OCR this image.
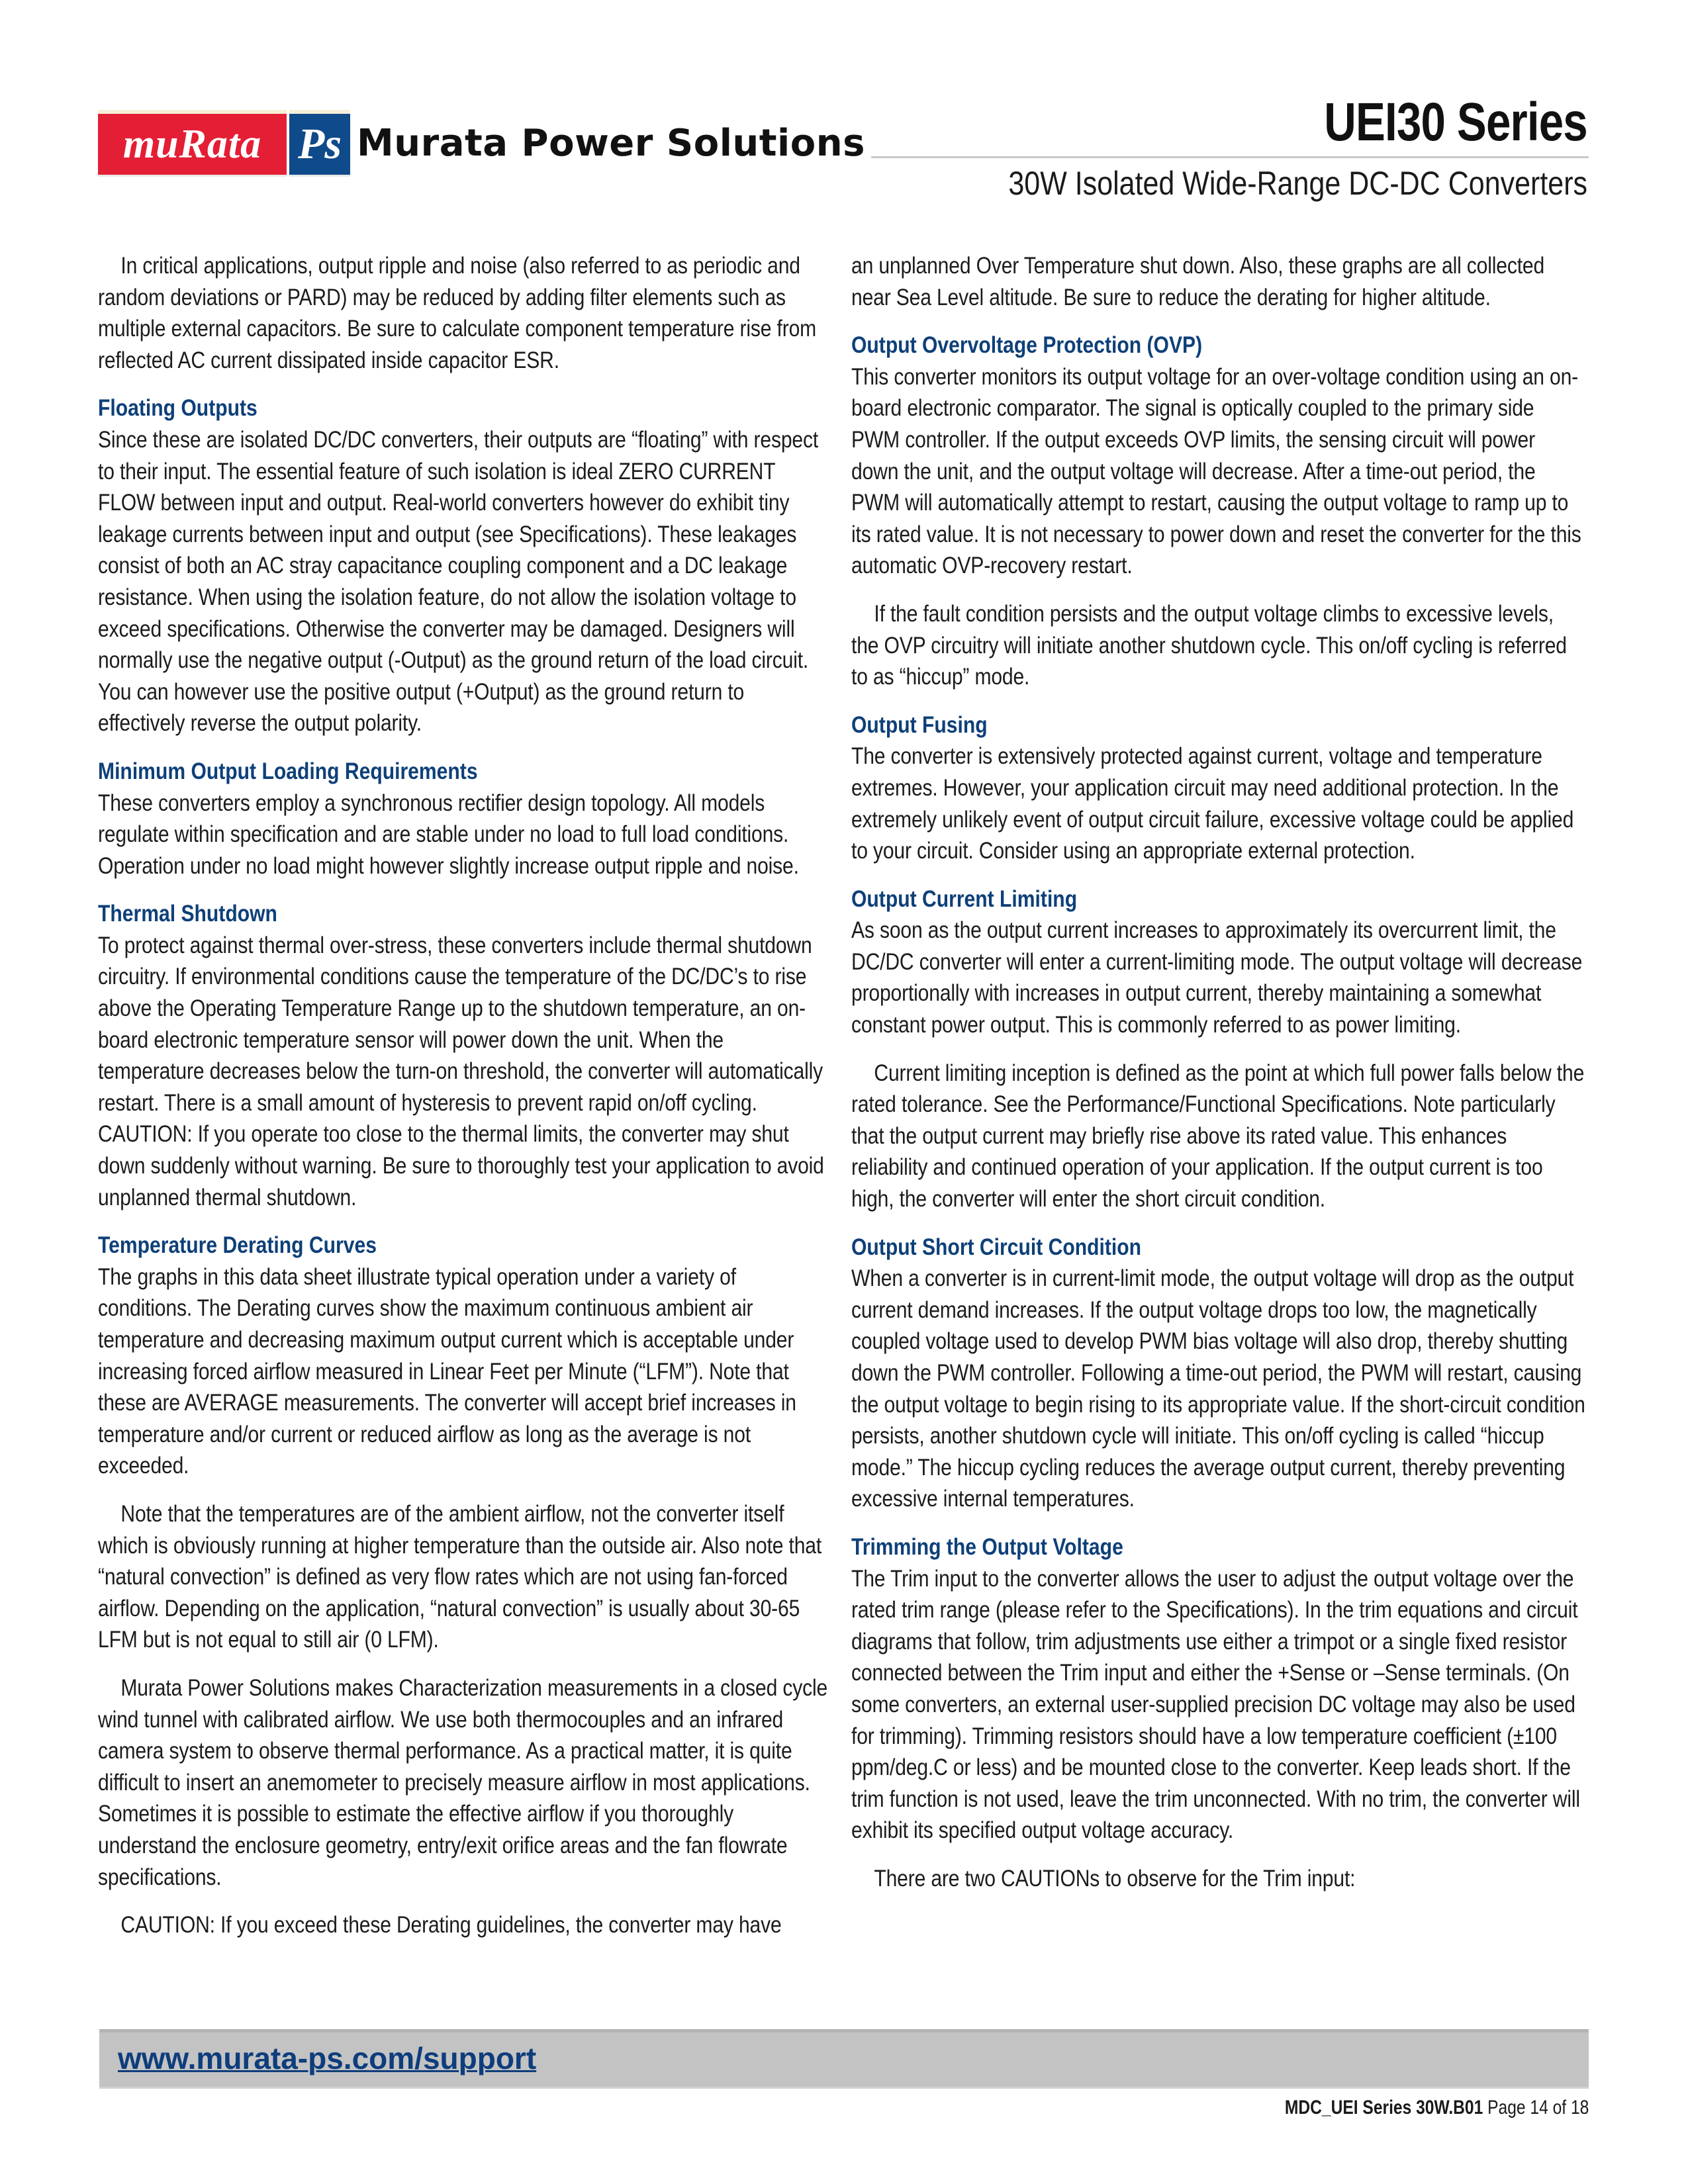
muRata Ps Murata Power Solutions	UEI30 Series
30W Isolated Wide-Range DC-DC Converters

In critical applications, output ripple and noise (also referred to as periodic and random deviations or PARD) may be reduced by adding filter elements such as multiple external capacitors. Be sure to calculate component temperature rise from reflected AC current dissipated inside capacitor ESR.

Floating Outputs

Since these are isolated DC/DC converters, their outputs are “floating” with respect to their input. The essential feature of such isolation is ideal ZERO CURRENT FLOW between input and output. Real-world converters however do exhibit tiny leakage currents between input and output (see Specifications). These leakages consist of both an AC stray capacitance coupling component and a DC leakage resistance. When using the isolation feature, do not allow the isolation voltage to exceed specifications. Otherwise the converter may be damaged. Designers will normally use the negative output (-Output) as the ground return of the load circuit. You can however use the positive output (+Output) as the ground return to effectively reverse the output polarity.

Minimum Output Loading Requirements

These converters employ a synchronous rectifier design topology. All models regulate within specification and are stable under no load to full load conditions. Operation under no load might however slightly increase output ripple and noise.

Thermal Shutdown

To protect against thermal over-stress, these converters include thermal shutdown circuitry. If environmental conditions cause the temperature of the DC/DC’s to rise above the Operating Temperature Range up to the shutdown temperature, an on-board electronic temperature sensor will power down the unit. When the temperature decreases below the turn-on threshold, the converter will automatically restart. There is a small amount of hysteresis to prevent rapid on/off cycling. CAUTION: If you operate too close to the thermal limits, the converter may shut down suddenly without warning. Be sure to thoroughly test your application to avoid unplanned thermal shutdown.

Temperature Derating Curves

The graphs in this data sheet illustrate typical operation under a variety of conditions. The Derating curves show the maximum continuous ambient air temperature and decreasing maximum output current which is acceptable under increasing forced airflow measured in Linear Feet per Minute (“LFM”). Note that these are AVERAGE measurements. The converter will accept brief increases in temperature and/or current or reduced airflow as long as the average is not exceeded.

Note that the temperatures are of the ambient airflow, not the converter itself which is obviously running at higher temperature than the outside air. Also note that “natural convection” is defined as very flow rates which are not using fan-forced airflow. Depending on the application, “natural convection” is usually about 30-65 LFM but is not equal to still air (0 LFM).

Murata Power Solutions makes Characterization measurements in a closed cycle wind tunnel with calibrated airflow. We use both thermocouples and an infrared camera system to observe thermal performance. As a practical matter, it is quite difficult to insert an anemometer to precisely measure airflow in most applications. Sometimes it is possible to estimate the effective airflow if you thoroughly understand the enclosure geometry, entry/exit orifice areas and the fan flowrate specifications.

CAUTION: If you exceed these Derating guidelines, the converter may have

an unplanned Over Temperature shut down. Also, these graphs are all collected near Sea Level altitude. Be sure to reduce the derating for higher altitude.

Output Overvoltage Protection (OVP)

This converter monitors its output voltage for an over-voltage condition using an on-board electronic comparator. The signal is optically coupled to the primary side PWM controller. If the output exceeds OVP limits, the sensing circuit will power down the unit, and the output voltage will decrease. After a time-out period, the PWM will automatically attempt to restart, causing the output voltage to ramp up to its rated value. It is not necessary to power down and reset the converter for the this automatic OVP-recovery restart.

If the fault condition persists and the output voltage climbs to excessive levels, the OVP circuitry will initiate another shutdown cycle. This on/off cycling is referred to as “hiccup” mode.

Output Fusing

The converter is extensively protected against current, voltage and temperature extremes. However, your application circuit may need additional protection. In the extremely unlikely event of output circuit failure, excessive voltage could be applied to your circuit. Consider using an appropriate external protection.

Output Current Limiting

As soon as the output current increases to approximately its overcurrent limit, the DC/DC converter will enter a current-limiting mode. The output voltage will decrease proportionally with increases in output current, thereby maintaining a somewhat constant power output. This is commonly referred to as power limiting.

Current limiting inception is defined as the point at which full power falls below the rated tolerance. See the Performance/Functional Specifications. Note particularly that the output current may briefly rise above its rated value. This enhances reliability and continued operation of your application. If the output current is too high, the converter will enter the short circuit condition.

Output Short Circuit Condition

When a converter is in current-limit mode, the output voltage will drop as the output current demand increases. If the output voltage drops too low, the magnetically coupled voltage used to develop PWM bias voltage will also drop, thereby shutting down the PWM controller. Following a time-out period, the PWM will restart, causing the output voltage to begin rising to its appropriate value. If the short-circuit condition persists, another shutdown cycle will initiate. This on/off cycling is called “hiccup mode.” The hiccup cycling reduces the average output current, thereby preventing excessive internal temperatures.

Trimming the Output Voltage

The Trim input to the converter allows the user to adjust the output voltage over the rated trim range (please refer to the Specifications). In the trim equations and circuit diagrams that follow, trim adjustments use either a trimpot or a single fixed resistor connected between the Trim input and either the +Sense or –Sense terminals. (On some converters, an external user-supplied precision DC voltage may also be used for trimming). Trimming resistors should have a low temperature coefficient (±100 ppm/deg.C or less) and be mounted close to the converter. Keep leads short. If the trim function is not used, leave the trim unconnected. With no trim, the converter will exhibit its specified output voltage accuracy.

There are two CAUTIONs to observe for the Trim input:

www.murata-ps.com/support
MDC_UEI Series 30W.B01 Page 14 of 18
